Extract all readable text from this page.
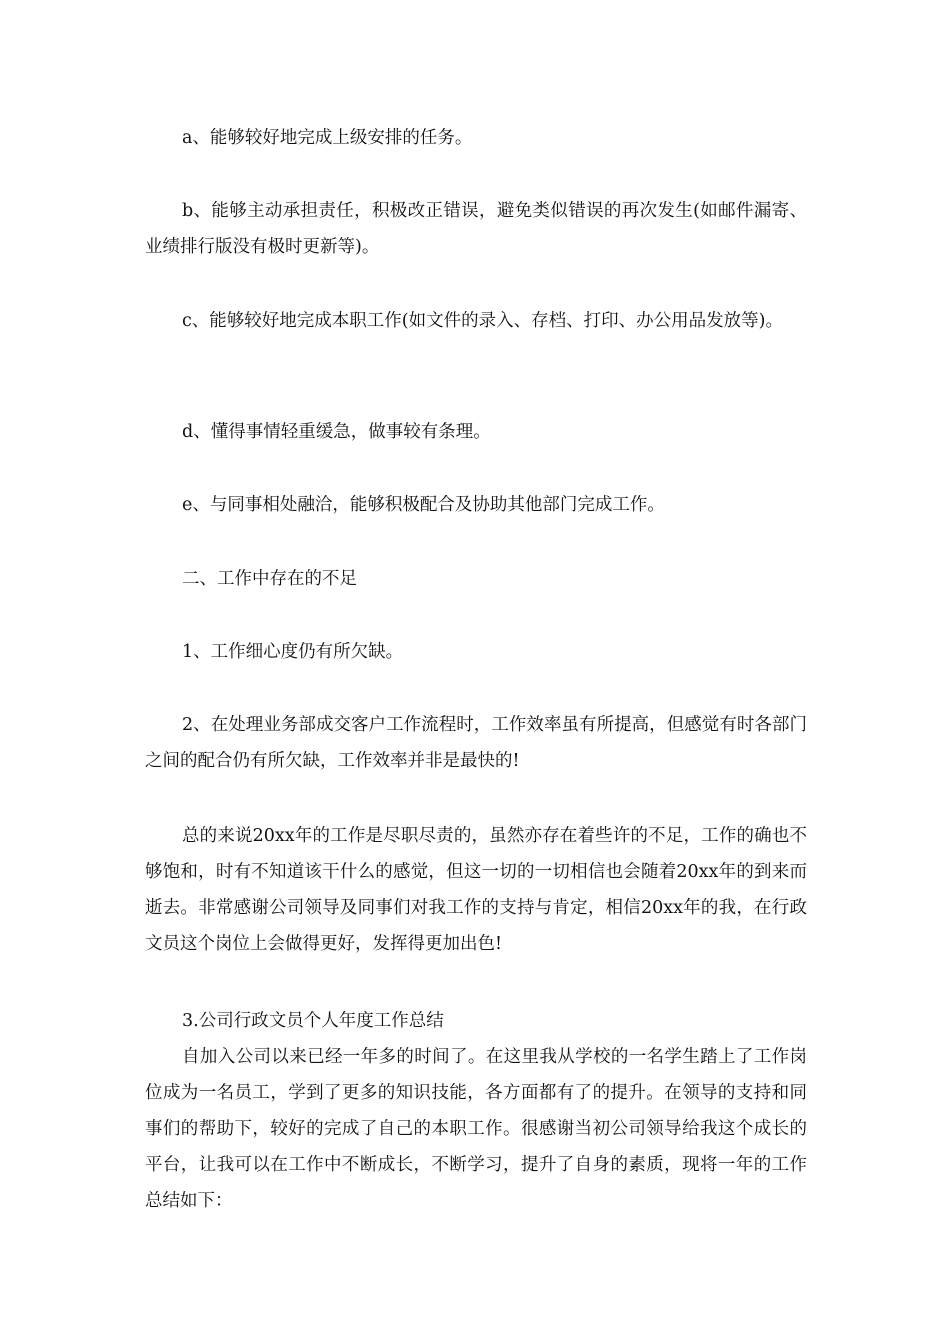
a、能够较好地完成上级安排的任务。

b、能够主动承担责任，积极改正错误，避免类似错误的再次发生(如邮件漏寄、业绩排行版没有极时更新等)。

c、能够较好地完成本职工作(如文件的录入、存档、打印、办公用品发放等)。

d、懂得事情轻重缓急，做事较有条理。

e、与同事相处融洽，能够积极配合及协助其他部门完成工作。

二、工作中存在的不足

1、工作细心度仍有所欠缺。

2、在处理业务部成交客户工作流程时，工作效率虽有所提高，但感觉有时各部门之间的配合仍有所欠缺，工作效率并非是最快的!

总的来说20xx年的工作是尽职尽责的，虽然亦存在着些许的不足，工作的确也不够饱和，时有不知道该干什么的感觉，但这一切的一切相信也会随着20xx年的到来而逝去。非常感谢公司领导及同事们对我工作的支持与肯定，相信20xx年的我，在行政文员这个岗位上会做得更好，发挥得更加出色!

3.公司行政文员个人年度工作总结

自加入公司以来已经一年多的时间了。在这里我从学校的一名学生踏上了工作岗位成为一名员工，学到了更多的知识技能，各方面都有了的提升。在领导的支持和同事们的帮助下，较好的完成了自己的本职工作。很感谢当初公司领导给我这个成长的平台，让我可以在工作中不断成长，不断学习，提升了自身的素质，现将一年的工作总结如下：
